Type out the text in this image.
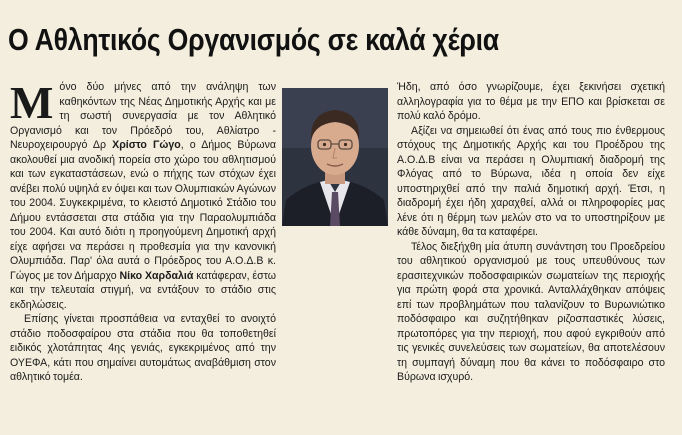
Ο Αθλητικός Οργανισμός σε καλά χέρια

Μόνο δύο μήνες από την ανάληψη των καθηκόντων της Νέας Δημοτικής Αρχής και με τη σωστή συνεργασία με τον Αθλητικό Οργανισμό και τον Πρόεδρό του, Αθλίατρο - Νευροχειρουργό Δρ Χρίστο Γώγο, ο Δήμος Βύρωνα ακολουθεί μια ανοδική πορεία στο χώρο του αθλητισμού και των εγκαταστάσεων, ενώ ο πήχης των στόχων έχει ανέβει πολύ υψηλά εν όψει και των Ολυμπιακών Αγώνων του 2004. Συγκεκριμένα, το κλειστό Δημοτικό Στάδιο του Δήμου εντάσσεται στα στάδια για την Παραολυμπιάδα του 2004. Και αυτό διότι η προηγούμενη Δημοτική αρχή είχε αφήσει να περάσει η προθεσμία για την κανονική Ολυμπιάδα. Παρ' όλα αυτά ο Πρόεδρος του Α.Ο.Δ.Β κ. Γώγος με τον Δήμαρχο Νίκο Χαρδαλιά κατάφεραν, έστω και την τελευταία στιγμή, να εντάξουν το στάδιο στις εκδηλώσεις.

Επίσης γίνεται προσπάθεια να ενταχθεί το ανοιχτό στάδιο ποδοσφαίρου στα στάδια που θα τοποθετηθεί ειδικός χλοτάπητας 4ης γενιάς, εγκεκριμένος από την ΟΥΕΦΑ, κάτι που σημαίνει αυτομάτως αναβάθμιση στον αθλητικό τομέα.

Ήδη, από όσο γνωρίζουμε, έχει ξεκινήσει σχετική αλληλογραφία για το θέμα με την ΕΠΟ και βρίσκεται σε πολύ καλό δρόμο.

Αξίζει να σημειωθεί ότι ένας από τους πιο ένθερμους στόχους της Δημοτικής Αρχής και του Προέδρου της Α.Ο.Δ.Β είναι να περάσει η Ολυμπιακή διαδρομή της Φλόγας από το Βύρωνα, ιδέα η οποία δεν είχε υποστηριχθεί από την παλιά δημοτική αρχή. Έτσι, η διαδρομή έχει ήδη χαραχθεί, αλλά οι πληροφορίες μας λένε ότι η θέρμη των μελών στο να το υποστηρίξουν με κάθε δύναμη, θα τα καταφέρει.

Τέλος διεξήχθη μία άτυπη συνάντηση του Προεδρείου του αθλητικού οργανισμού με τους υπευθύνους των ερασιτεχνικών ποδοσφαιρικών σωματείων της περιοχής για πρώτη φορά στα χρονικά. Ανταλλάχθηκαν απόψεις επί των προβλημάτων που ταλανίζουν το Βυρωνιώτικο ποδόσφαιρο και συζητήθηκαν ριζοσπαστικές λύσεις, πρωτοπόρες για την περιοχή, που αφού εγκριθούν από τις γενικές συνελεύσεις των σωματείων, θα αποτελέσουν τη συμπαγή δύναμη που θα κάνει το ποδόσφαιρο στο Βύρωνα ισχυρό.
